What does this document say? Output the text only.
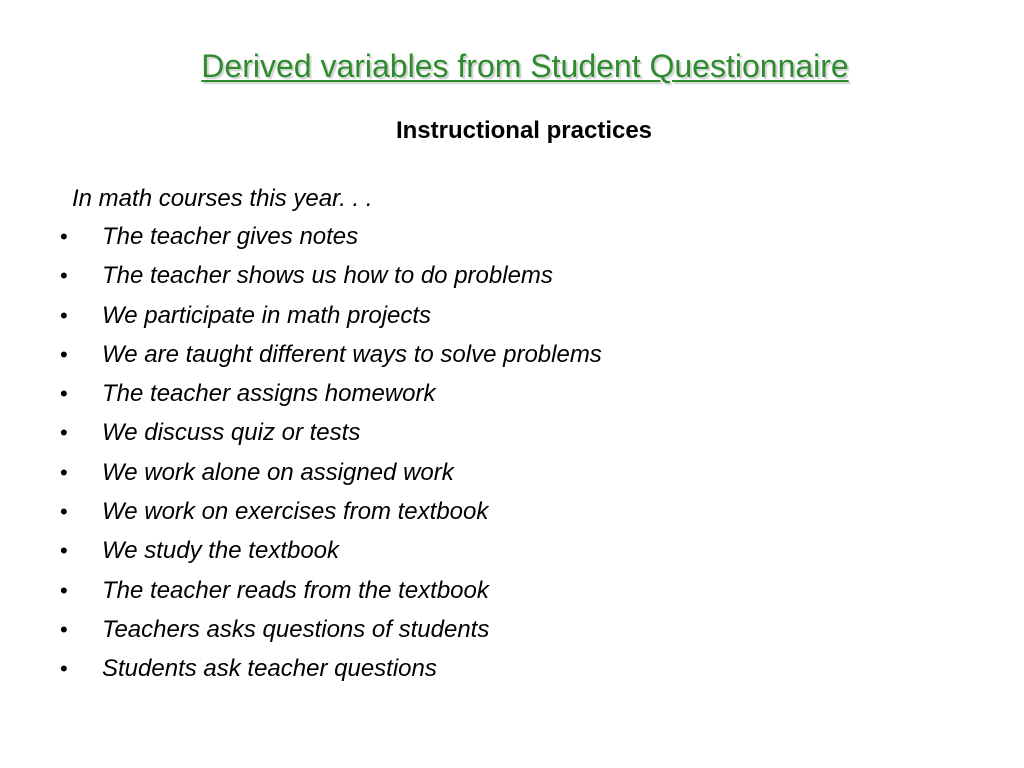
Derived variables from Student Questionnaire
Instructional practices
In math courses this year. . .
• The teacher gives notes
• The teacher shows us how to do problems
• We participate in math projects
• We are taught different ways to solve problems
• The teacher assigns homework
• We discuss quiz or tests
• We work alone on assigned work
• We work on exercises from textbook
• We study the textbook
• The teacher reads from the textbook
• Teachers asks questions of students
• Students ask teacher questions
